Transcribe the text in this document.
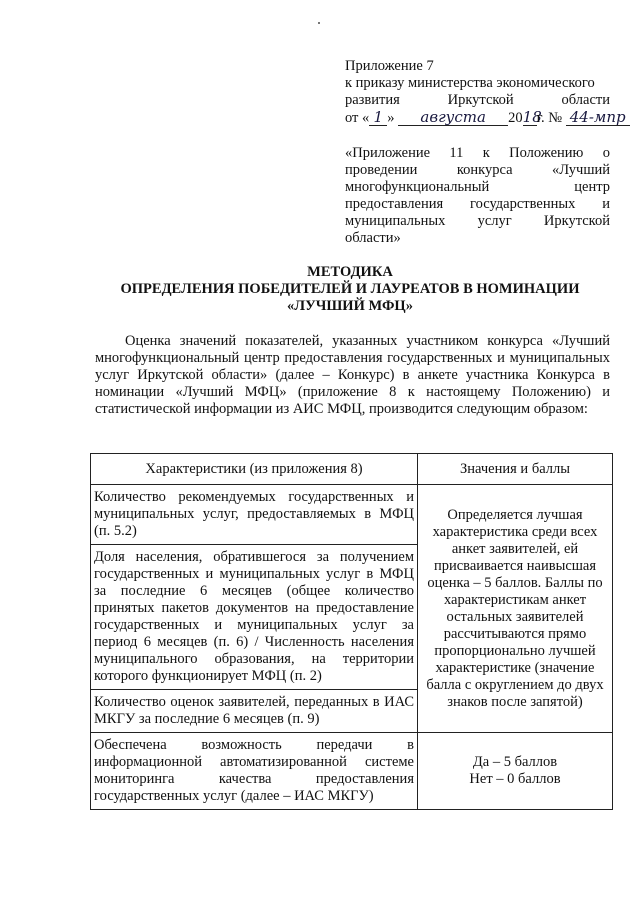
Приложение 7
к приказу министерства экономического
развития Иркутской области
от « 1 » августа 2018г. № 44-мпр
«Приложение 11 к Положению о проведении конкурса «Лучший многофункциональный центр предоставления государственных и муниципальных услуг Иркутской области»
МЕТОДИКА
ОПРЕДЕЛЕНИЯ ПОБЕДИТЕЛЕЙ И ЛАУРЕАТОВ В НОМИНАЦИИ
«ЛУЧШИЙ МФЦ»
Оценка значений показателей, указанных участником конкурса «Лучший многофункциональный центр предоставления государственных и муниципальных услуг Иркутской области» (далее – Конкурс) в анкете участника Конкурса в номинации «Лучший МФЦ» (приложение 8 к настоящему Положению) и статистической информации из АИС МФЦ, производится следующим образом:
Характеристики (из приложения 8)	Значения и баллы
Количество рекомендуемых государственных и муниципальных услуг, предоставляемых в МФЦ (п. 5.2)	Определяется лучшая характеристика среди всех анкет заявителей, ей присваивается наивысшая оценка – 5 баллов. Баллы по характеристикам анкет остальных заявителей рассчитываются прямо пропорционально лучшей характеристике (значение балла с округлением до двух знаков после запятой)
Доля населения, обратившегося за получением государственных и муниципальных услуг в МФЦ за последние 6 месяцев (общее количество принятых пакетов документов на предоставление государственных и муниципальных услуг за период 6 месяцев (п. 6) / Численность населения муниципального образования, на территории которого функционирует МФЦ (п. 2)	
Количество оценок заявителей, переданных в ИАС МКГУ за последние 6 месяцев (п. 9)	
Обеспечена возможность передачи в информационной автоматизированной системе мониторинга качества предоставления государственных услуг (далее – ИАС МКГУ)	Да – 5 баллов
Нет – 0 баллов
